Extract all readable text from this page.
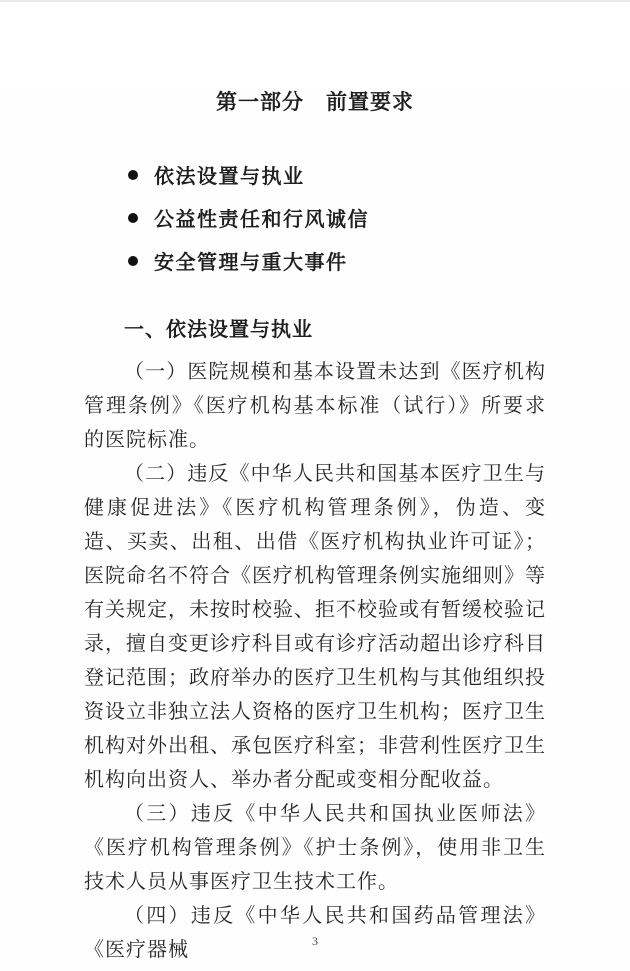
第一部分　前置要求
依法设置与执业
公益性责任和行风诚信
安全管理与重大事件
一、依法设置与执业

（一）医院规模和基本设置未达到《医疗机构管理条例》《医疗机构基本标准（试行）》所要求的医院标准。

（二）违反《中华人民共和国基本医疗卫生与健康促进法》《医疗机构管理条例》，伪造、变造、买卖、出租、出借《医疗机构执业许可证》；医院命名不符合《医疗机构管理条例实施细则》等有关规定，未按时校验、拒不校验或有暂缓校验记录，擅自变更诊疗科目或有诊疗活动超出诊疗科目登记范围；政府举办的医疗卫生机构与其他组织投资设立非独立法人资格的医疗卫生机构；医疗卫生机构对外出租、承包医疗科室；非营利性医疗卫生机构向出资人、举办者分配或变相分配收益。

（三）违反《中华人民共和国执业医师法》《医疗机构管理条例》《护士条例》，使用非卫生技术人员从事医疗卫生技术工作。

（四）违反《中华人民共和国药品管理法》《医疗器械	3
